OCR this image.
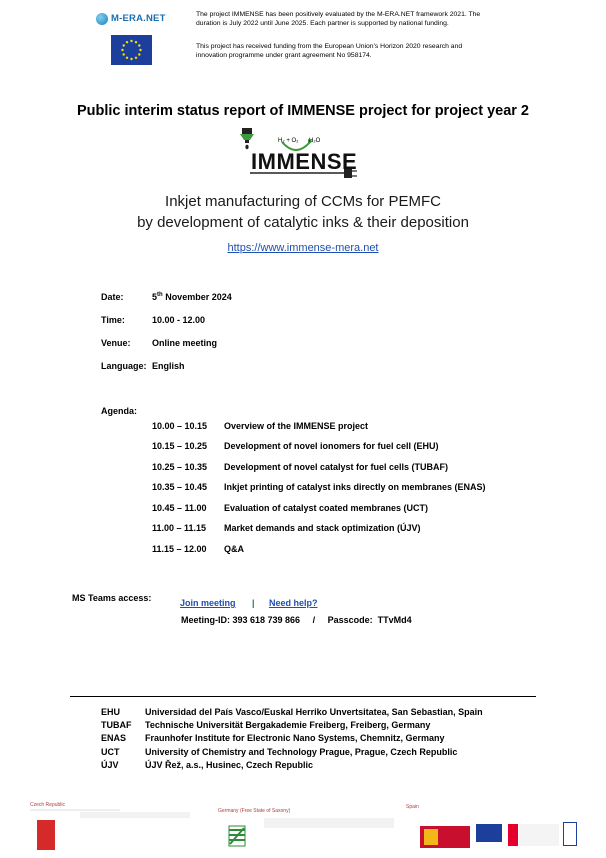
M-ERA.NET	The project IMMENSE has been positively evaluated by the M-ERA.NET framework 2021. The
duration is July 2022 until June 2025. Each partner is supported by national funding.
This project has received funding from the European Union's Horizon 2020 research and
innovation programme under grant agreement No 958174.
Public interim status report of IMMENSE project for project year 2
H₂ + O₂ H₂O
IMMENSE
Inkjet manufacturing of CCMs for PEMFC
by development of catalytic inks & their deposition
https://www.immense-mera.net
Date:	5th November 2024
Time:	10.00 - 12.00
Venue: Online meeting
Language: English
Agenda:
10.00 – 10.15 Overview of the IMMENSE project
10.15 – 10.25 Development of novel ionomers for fuel cell (EHU)
10.25 – 10.35 Development of novel catalyst for fuel cells (TUBAF)
10.35 – 10.45 Inkjet printing of catalyst inks directly on membranes (ENAS)
10.45 – 11.00 Evaluation of catalyst coated membranes (UCT)
11.00 – 11.15 Market demands and stack optimization (ÚJV)
11.15 – 12.00 Q&A
MS Teams access:	Join meeting | Need help?
Meeting-ID: 393 618 739 866 / Passcode:  TTvMd4
EHU	Universidad del País Vasco/Euskal Herriko Unvertsitatea, San Sebastian, Spain
TUBAF Technische Universität Bergakademie Freiberg, Freiberg, Germany
ENAS Fraunhofer Institute for Electronic Nano Systems, Chemnitz, Germany
UCT	University of Chemistry and Technology Prague, Prague, Czech Republic
ÚJV	ÚJV Řež, a.s., Husinec, Czech Republic
Czech Republic
Germany (Free State of Saxony)
Spain
